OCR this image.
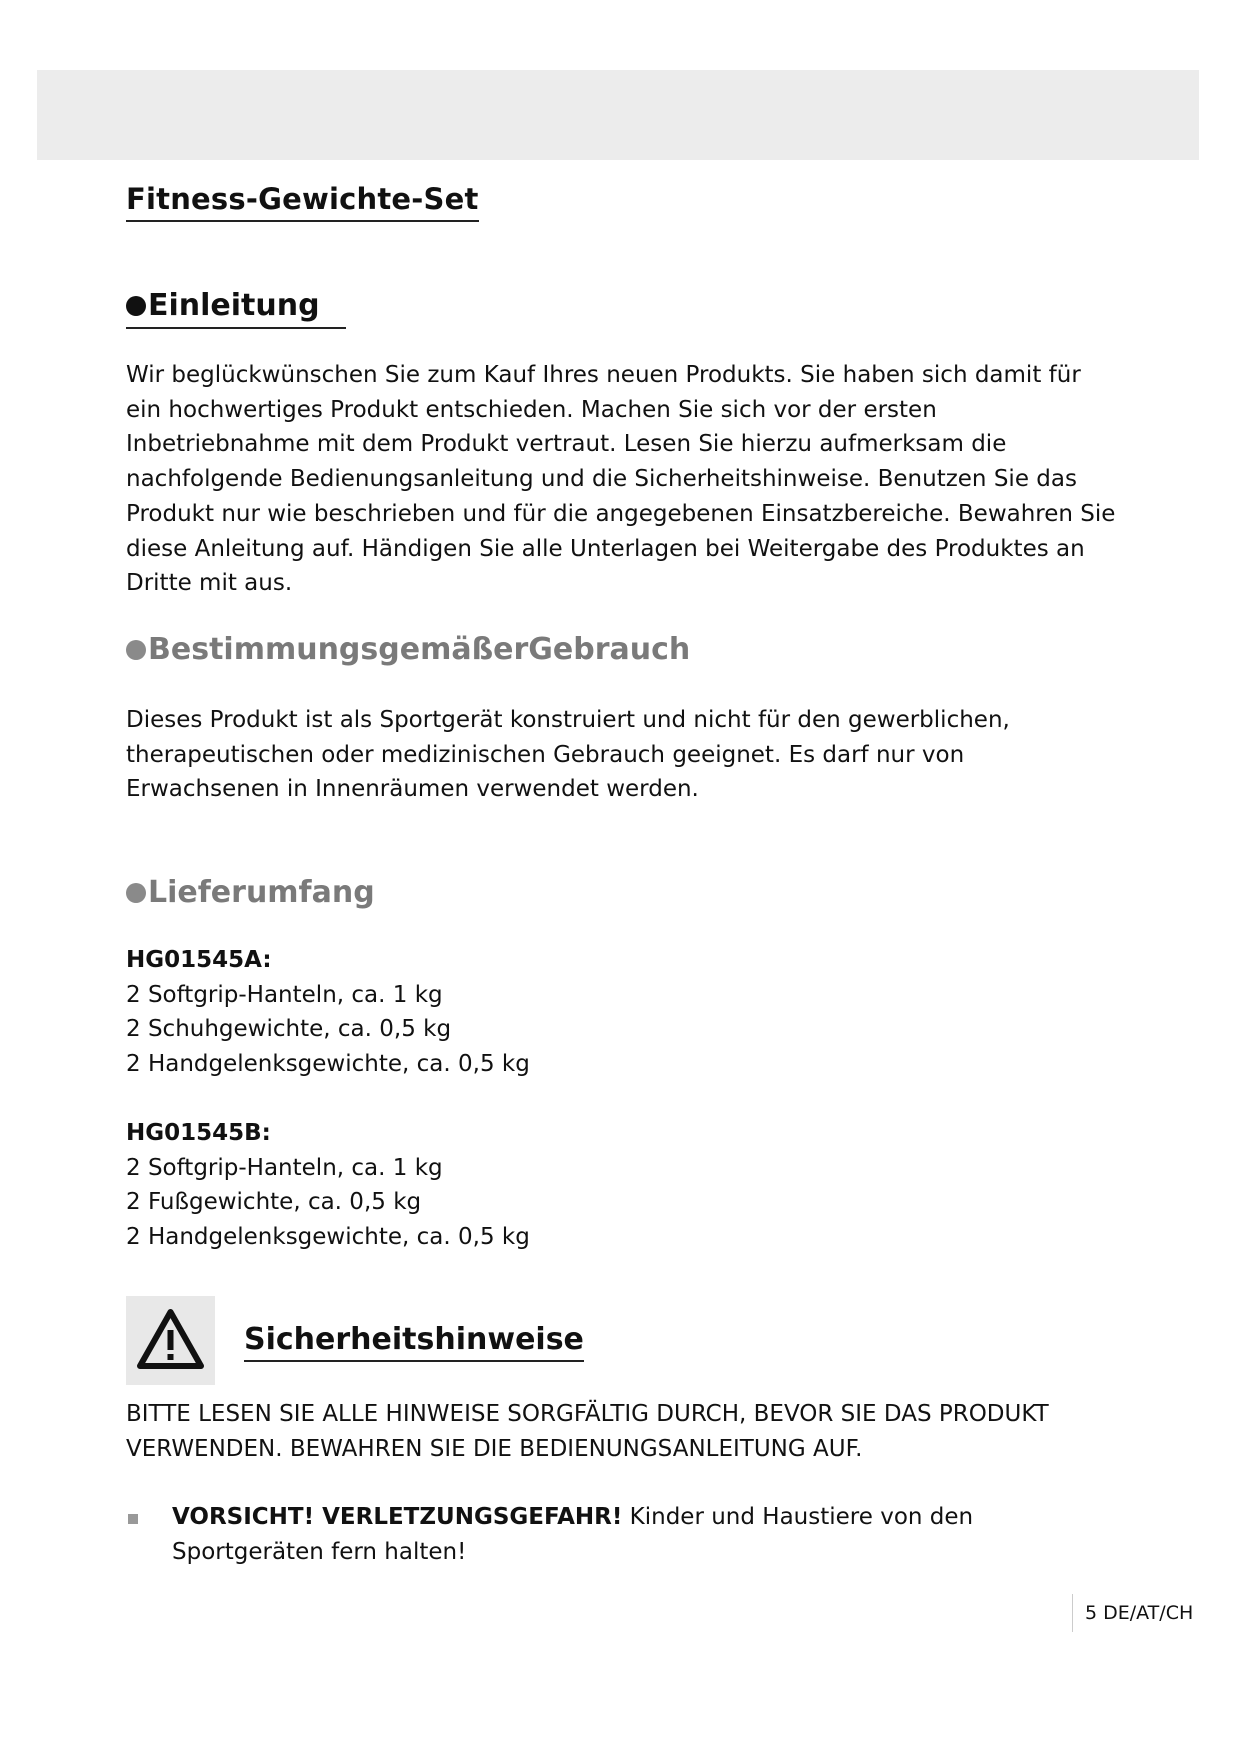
Fitness-Gewichte-Set
Einleitung

Wir beglückwünschen Sie zum Kauf Ihres neuen Produkts. Sie haben sich damit für ein hochwertiges Produkt entschieden. Machen Sie sich vor der ersten Inbetriebnahme mit dem Produkt vertraut. Lesen Sie hierzu aufmerksam die nachfolgende Bedienungsanleitung und die Sicherheitshinweise. Benutzen Sie das Produkt nur wie beschrieben und für die angegebenen Einsatzbereiche. Bewahren Sie diese Anleitung auf. Händigen Sie alle Unterlagen bei Weitergabe des Produktes an Dritte mit aus.

BestimmungsgemäßerGebrauch

Dieses Produkt ist als Sportgerät konstruiert und nicht für den gewerblichen, therapeutischen oder medizinischen Gebrauch geeignet. Es darf nur von Erwachsenen in Innenräumen verwendet werden.

Lieferumfang
HG01545A:
2 Softgrip-Hanteln, ca. 1 kg
2 Schuhgewichte, ca. 0,5 kg
2 Handgelenksgewichte, ca. 0,5 kg
HG01545B:
2 Softgrip-Hanteln, ca. 1 kg
2 Fußgewichte, ca. 0,5 kg
2 Handgelenksgewichte, ca. 0,5 kg

BITTE LESEN SIE ALLE HINWEISE SORGFÄLTIG DURCH, BEVOR SIE DAS PRODUKT VERWENDEN. BEWAHREN SIE DIE BEDIENUNGSANLEITUNG AUF.

VORSICHT! VERLETZUNGSGEFAHR! Kinder und Haustiere von den Sportgeräten fern halten!

Sicherheitshinweise
5 DE/AT/CH
